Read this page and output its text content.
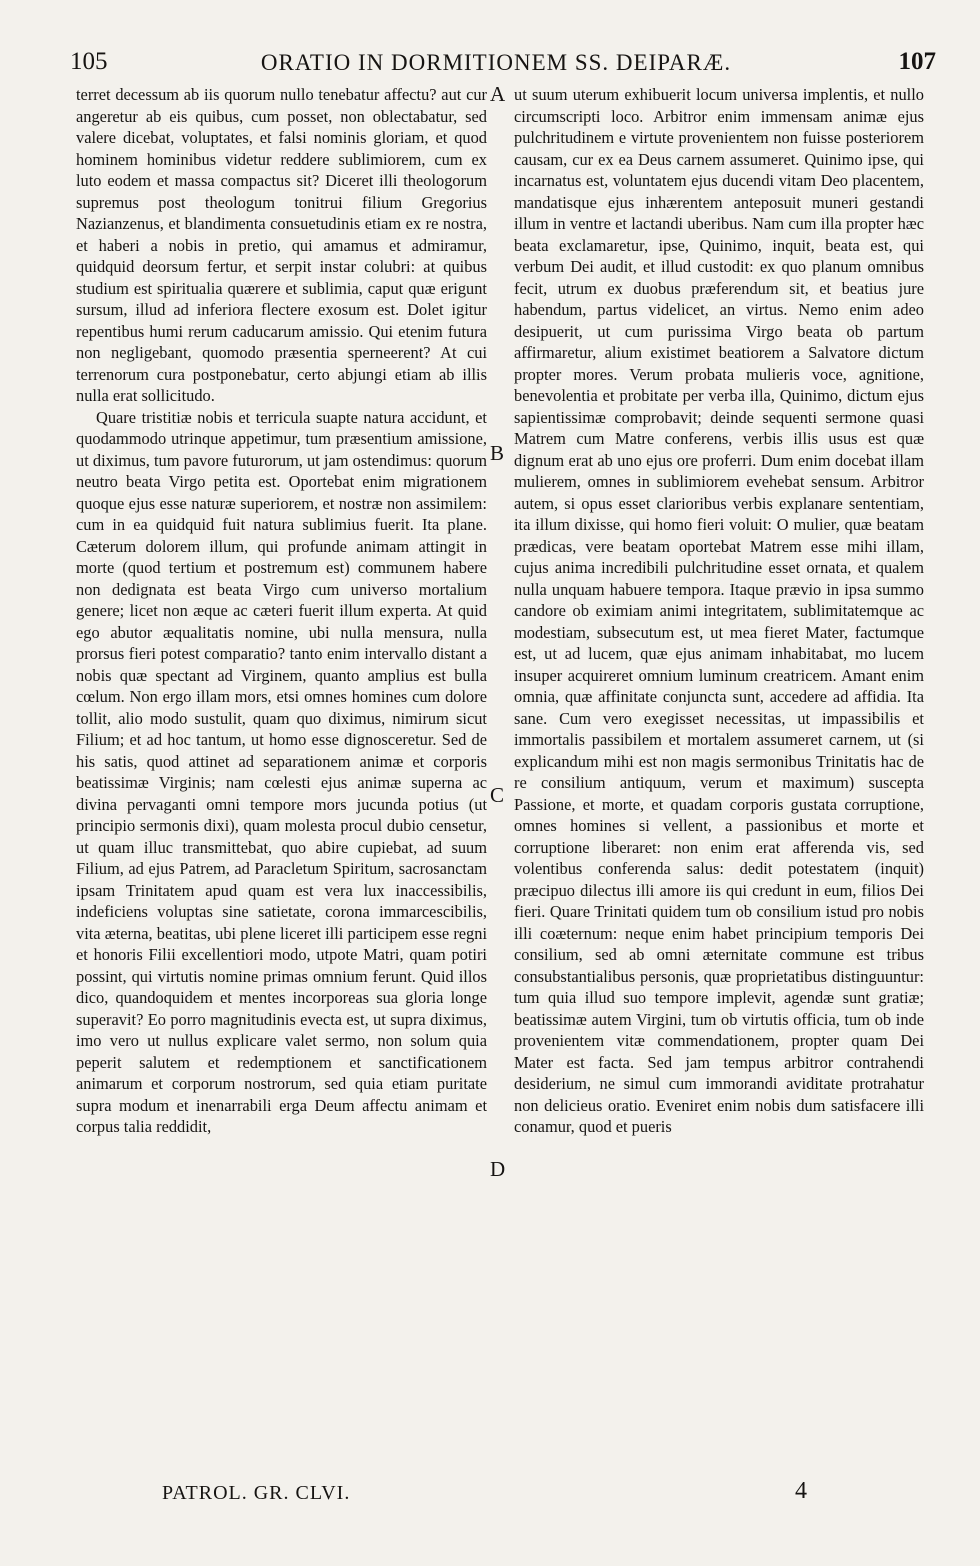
105	ORATIO IN DORMITIONEM SS. DEIPARÆ.	107

terret decessum ab iis quorum nullo tenebatur affectu? aut cur angeretur ab eis quibus, cum posset, non oblectabatur, sed valere dicebat, voluptates, et falsi nominis gloriam, et quod hominem hominibus videtur reddere sublimiorem, cum ex luto eodem et massa compactus sit? Diceret illi theologorum supremus post theologum tonitrui filium Gregorius Nazianzenus, et blandimenta consuetudinis etiam ex re nostra, et haberi a nobis in pretio, qui amamus et admiramur, quidquid deorsum fertur, et serpit instar colubri: at quibus studium est spiritualia quærere et sublimia, caput quæ erigunt sursum, illud ad inferiora flectere exosum est. Dolet igitur repentibus humi rerum caducarum amissio. Qui etenim futura non negligebant, quomodo præsentia sperneerent? At cui terrenorum cura postponebatur, certo abjungi etiam ab illis nulla erat sollicitudo.

Quare tristitiæ nobis et terricula suapte natura accidunt, et quodammodo utrinque appetimur, tum præsentium amissione, ut diximus, tum pavore futurorum, ut jam ostendimus: quorum neutro beata Virgo petita est. Oportebat enim migrationem quoque ejus esse naturæ superiorem, et nostræ non assimilem: cum in ea quidquid fuit natura sublimius fuerit. Ita plane. Cæterum dolorem illum, qui profunde animam attingit in morte (quod tertium et postremum est) communem habere non dedignata est beata Virgo cum universo mortalium genere; licet non æque ac cæteri fuerit illum experta. At quid ego abutor æqualitatis nomine, ubi nulla mensura, nulla prorsus fieri potest comparatio? tanto enim intervallo distant a nobis quæ spectant ad Virginem, quanto amplius est bulla cœlum. Non ergo illam mors, etsi omnes homines cum dolore tollit, alio modo sustulit, quam quo diximus, nimirum sicut Filium; et ad hoc tantum, ut homo esse dignosceretur. Sed de his satis, quod attinet ad separationem animæ et corporis beatissimæ Virginis; nam cœlesti ejus animæ superna ac divina pervaganti omni tempore mors jucunda potius (ut principio sermonis dixi), quam molesta procul dubio censetur, ut quam illuc transmittebat, quo abire cupiebat, ad suum Filium, ad ejus Patrem, ad Paracletum Spiritum, sacrosanctam ipsam Trinitatem apud quam est vera lux inaccessibilis, indeficiens voluptas sine satietate, corona immarcescibilis, vita æterna, beatitas, ubi plene liceret illi participem esse regni et honoris Filii excellentiori modo, utpote Matri, quam potiri possint, qui virtutis nomine primas omnium ferunt. Quid illos dico, quandoquidem et mentes incorporeas sua gloria longe superavit? Eo porro magnitudinis evecta est, ut supra diximus, imo vero ut nullus explicare valet sermo, non solum quia peperit salutem et redemptionem et sanctificationem animarum et corporum nostrorum, sed quia etiam puritate supra modum et inenarrabili erga Deum affectu animam et corpus talia reddidit,

A
B
C
D

ut suum uterum exhibuerit locum universa implentis, et nullo circumscripti loco. Arbitror enim immensam animæ ejus pulchritudinem e virtute provenientem non fuisse posteriorem causam, cur ex ea Deus carnem assumeret. Quinimo ipse, qui incarnatus est, voluntatem ejus ducendi vitam Deo placentem, mandatisque ejus inhærentem anteposuit muneri gestandi illum in ventre et lactandi uberibus. Nam cum illa propter hæc beata exclamaretur, ipse, Quinimo, inquit, beata est, qui verbum Dei audit, et illud custodit: ex quo planum omnibus fecit, utrum ex duobus præferendum sit, et beatius jure habendum, partus videlicet, an virtus. Nemo enim adeo desipuerit, ut cum purissima Virgo beata ob partum affirmaretur, alium existimet beatiorem a Salvatore dictum propter mores. Verum probata mulieris voce, agnitione, benevolentia et probitate per verba illa, Quinimo, dictum ejus sapientissimæ comprobavit; deinde sequenti sermone quasi Matrem cum Matre conferens, verbis illis usus est quæ dignum erat ab uno ejus ore proferri. Dum enim docebat illam mulierem, omnes in sublimiorem evehebat sensum. Arbitror autem, si opus esset clarioribus verbis explanare sententiam, ita illum dixisse, qui homo fieri voluit: O mulier, quæ beatam prædicas, vere beatam oportebat Matrem esse mihi illam, cujus anima incredibili pulchritudine esset ornata, et qualem nulla unquam habuere tempora. Itaque prævio in ipsa summo candore ob eximiam animi integritatem, sublimitatemque ac modestiam, subsecutum est, ut mea fieret Mater, factumque est, ut ad lucem, quæ ejus animam inhabitabat, mo lucem insuper acquireret omnium luminum creatricem. Amant enim omnia, quæ affinitate conjuncta sunt, accedere ad affidia. Ita sane. Cum vero exegisset necessitas, ut impassibilis et immortalis passibilem et mortalem assumeret carnem, ut (si explicandum mihi est non magis sermonibus Trinitatis hac de re consilium antiquum, verum et maximum) suscepta Passione, et morte, et quadam corporis gustata corruptione, omnes homines si vellent, a passionibus et morte et corruptione liberaret: non enim erat afferenda vis, sed volentibus conferenda salus: dedit potestatem (inquit) præcipuo dilectus illi amore iis qui credunt in eum, filios Dei fieri. Quare Trinitati quidem tum ob consilium istud pro nobis illi coæternum: neque enim habet principium temporis Dei consilium, sed ab omni æternitate commune est tribus consubstantialibus personis, quæ proprietatibus distinguuntur: tum quia illud suo tempore implevit, agendæ sunt gratiæ; beatissimæ autem Virgini, tum ob virtutis officia, tum ob inde provenientem vitæ commendationem, propter quam Dei Mater est facta. Sed jam tempus arbitror contrahendi desiderium, ne simul cum immorandi aviditate protrahatur non delicieus oratio. Eveniret enim nobis dum satisfacere illi conamur, quod et pueris

PATROL. GR. CLVI.	4
